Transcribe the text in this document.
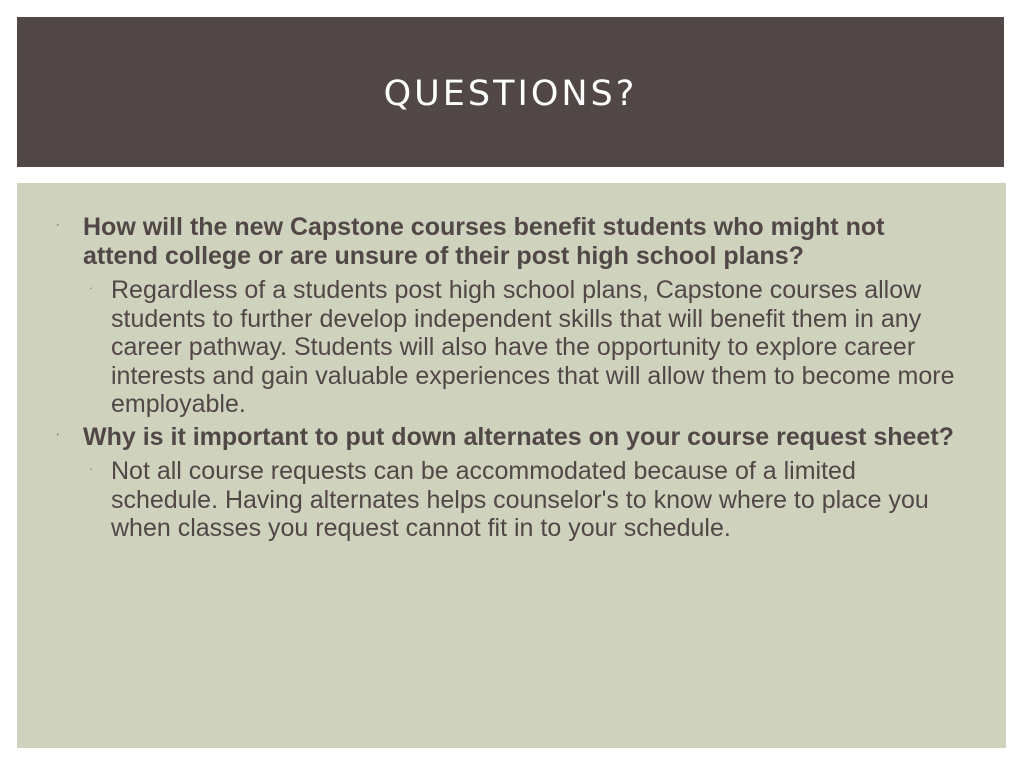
QUESTIONS?
· How will the new Capstone courses benefit students who might not attend college or are unsure of their post high school plans?
· Regardless of a students post high school plans, Capstone courses allow students to further develop independent skills that will benefit them in any career pathway. Students will also have the opportunity to explore career interests and gain valuable experiences that will allow them to become more employable.
· Why is it important to put down alternates on your course request sheet?
· Not all course requests can be accommodated because of a limited schedule. Having alternates helps counselor's to know where to place you when classes you request cannot fit in to your schedule.
